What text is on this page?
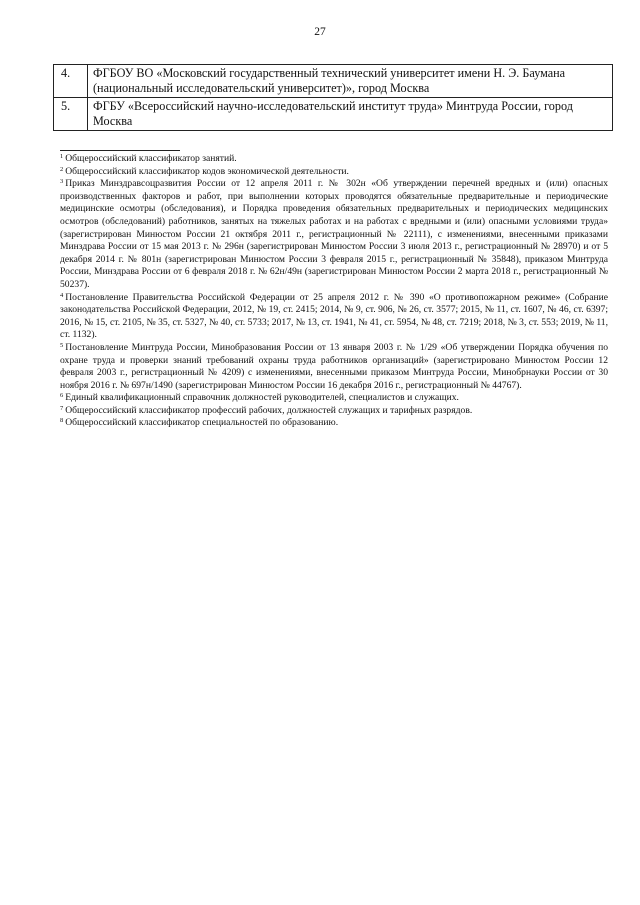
27
4.	ФГБОУ ВО «Московский государственный технический университет имени Н. Э. Баумана (национальный исследовательский университет)», город Москва
5.	ФГБУ «Всероссийский научно-исследовательский институт труда» Минтруда России, город Москва

$^1$ Общероссийский классификатор занятий.

$^2$ Общероссийский классификатор кодов экономической деятельности.

$^3$ Приказ Минздравсоцразвития России от 12 апреля 2011 г. № 302н «Об утверждении перечней вредных и (или) опасных производственных факторов и работ, при выполнении которых проводятся обязательные предварительные и периодические медицинские осмотры (обследования), и Порядка проведения обязательных предварительных и периодических медицинских осмотров (обследований) работников, занятых на тяжелых работах и на работах с вредными и (или) опасными условиями труда» (зарегистрирован Минюстом России 21 октября 2011 г., регистрационный № 22111), с изменениями, внесенными приказами Минздрава России от 15 мая 2013 г. № 296н (зарегистрирован Минюстом России 3 июля 2013 г., регистрационный № 28970) и от 5 декабря 2014 г. № 801н (зарегистрирован Минюстом России 3 февраля 2015 г., регистрационный № 35848), приказом Минтруда России, Минздрава России от 6 февраля 2018 г. № 62н/49н (зарегистрирован Минюстом России 2 марта 2018 г., регистрационный № 50237).

$^4$ Постановление Правительства Российской Федерации от 25 апреля 2012 г. № 390 «О противопожарном режиме» (Собрание законодательства Российской Федерации, 2012, № 19, ст. 2415; 2014, № 9, ст. 906, № 26, ст. 3577; 2015, № 11, ст. 1607, № 46, ст. 6397; 2016, № 15, ст. 2105, № 35, ст. 5327, № 40, ст. 5733; 2017, № 13, ст. 1941, № 41, ст. 5954, № 48, ст. 7219; 2018, № 3, ст. 553; 2019, № 11, ст. 1132).

$^5$ Постановление Минтруда России, Минобразования России от 13 января 2003 г. № 1/29 «Об утверждении Порядка обучения по охране труда и проверки знаний требований охраны труда работников организаций» (зарегистрировано Минюстом России 12 февраля 2003 г., регистрационный № 4209) с изменениями, внесенными приказом Минтруда России, Минобрнауки России от 30 ноября 2016 г. № 697н/1490 (зарегистрирован Минюстом России 16 декабря 2016 г., регистрационный № 44767).

$^6$ Единый квалификационный справочник должностей руководителей, специалистов и служащих.

$^7$ Общероссийский классификатор профессий рабочих, должностей служащих и тарифных разрядов.

$^8$ Общероссийский классификатор специальностей по образованию.
